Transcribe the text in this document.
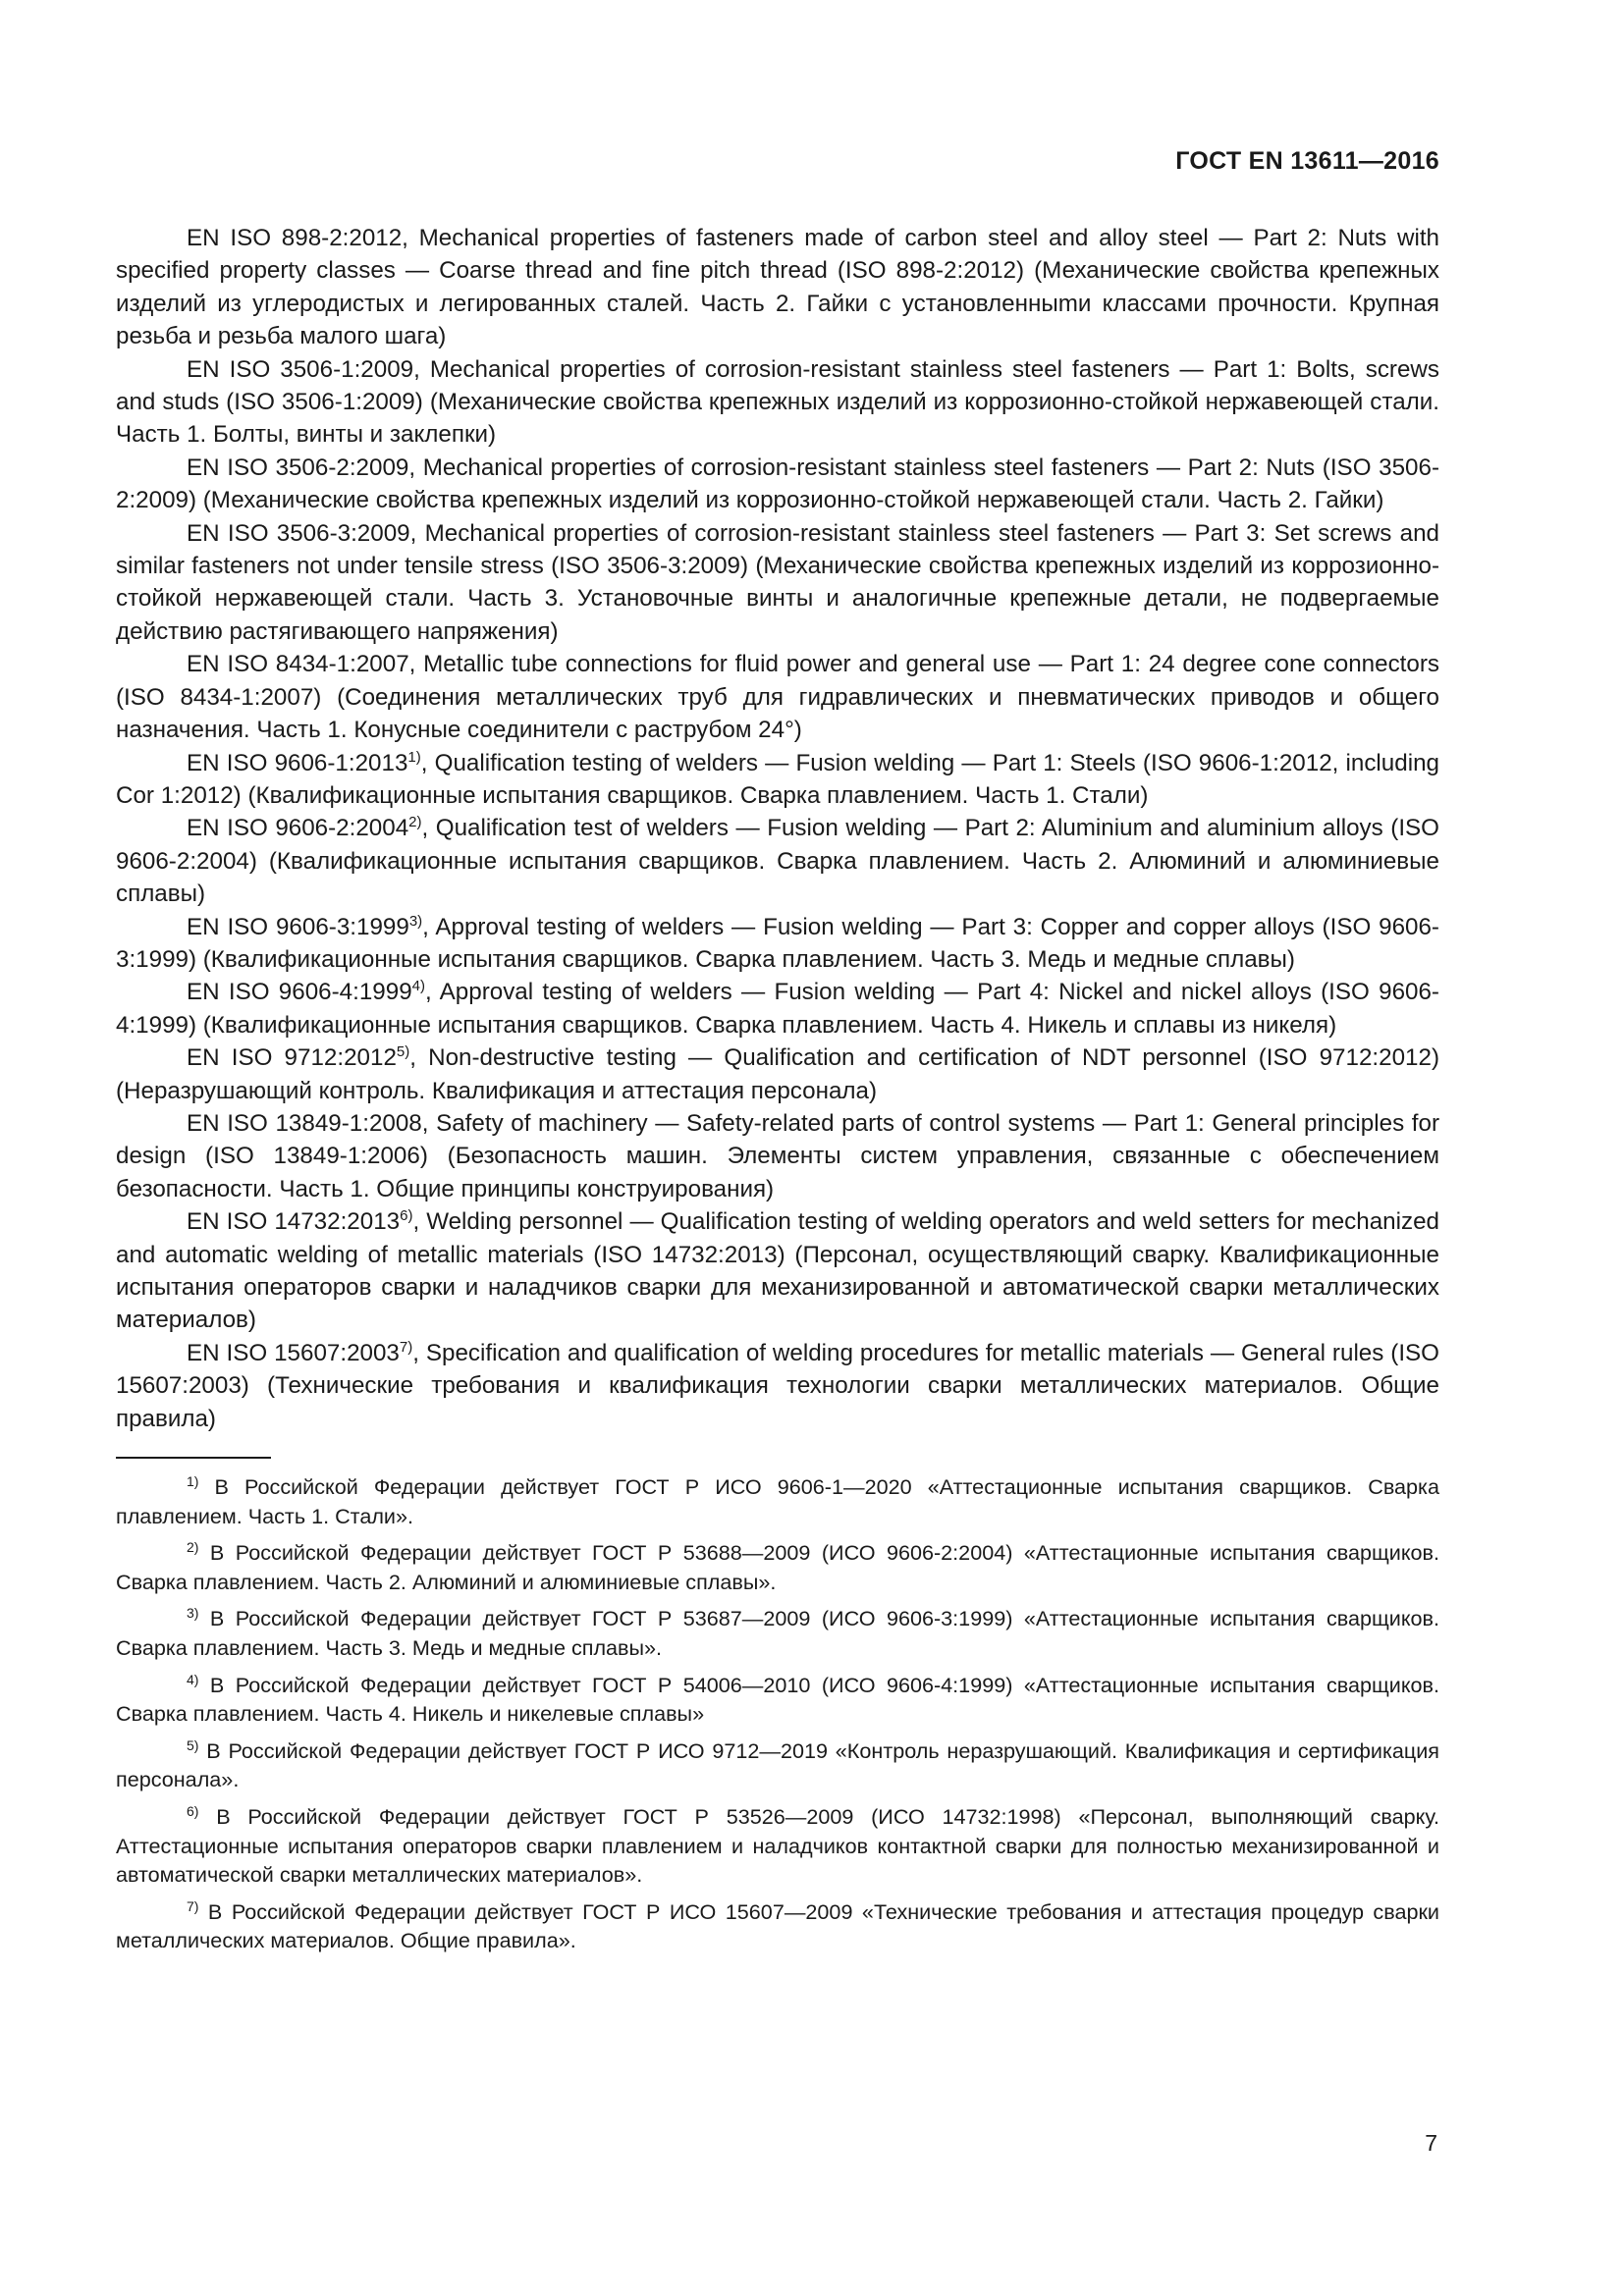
ГОСТ EN 13611—2016

EN ISO 898-2:2012, Mechanical properties of fasteners made of carbon steel and alloy steel — Part 2: Nuts with specified property classes — Coarse thread and fine pitch thread (ISO 898-2:2012) (Механические свойства крепежных изделий из углеродистых и легированных сталей. Часть 2. Гайки с установленныmи классами прочности. Крупная резьба и резьба малого шага)

EN ISO 3506-1:2009, Mechanical properties of corrosion-resistant stainless steel fasteners — Part 1: Bolts, screws and studs (ISO 3506-1:2009) (Механические свойства крепежных изделий из коррозионно-стойкой нержавеющей стали. Часть 1. Болты, винты и заклепки)

EN ISO 3506-2:2009, Mechanical properties of corrosion-resistant stainless steel fasteners — Part 2: Nuts (ISO 3506-2:2009) (Механические свойства крепежных изделий из коррозионно-стойкой нержавеющей стали. Часть 2. Гайки)

EN ISO 3506-3:2009, Mechanical properties of corrosion-resistant stainless steel fasteners — Part 3: Set screws and similar fasteners not under tensile stress (ISO 3506-3:2009) (Механические свойства крепежных изделий из коррозионно-стойкой нержавеющей стали. Часть 3. Установочные винты и аналогичные крепежные детали, не подвергаемые действию растягивающего напряжения)

EN ISO 8434-1:2007, Metallic tube connections for fluid power and general use — Part 1: 24 degree cone connectors (ISO 8434-1:2007) (Соединения металлических труб для гидравлических и пневматических приводов и общего назначения. Часть 1. Конусные соединители с раструбом 24°)

EN ISO 9606-1:2013$^{1)}$, Qualification testing of welders — Fusion welding — Part 1: Steels (ISO 9606-1:2012, including Cor 1:2012) (Квалификационные испытания сварщиков. Сварка плавлением. Часть 1. Стали)

EN ISO 9606-2:2004$^{2)}$, Qualification test of welders — Fusion welding — Part 2: Aluminium and aluminium alloys (ISO 9606-2:2004) (Квалификационные испытания сварщиков. Сварка плавлением. Часть 2. Алюминий и алюминиевые сплавы)

EN ISO 9606-3:1999$^{3)}$, Approval testing of welders — Fusion welding — Part 3: Copper and copper alloys (ISO 9606-3:1999) (Квалификационные испытания сварщиков. Сварка плавлением. Часть 3. Медь и медные сплавы)

EN ISO 9606-4:1999$^{4)}$, Approval testing of welders — Fusion welding — Part 4: Nickel and nickel alloys (ISO 9606-4:1999) (Квалификационные испытания сварщиков. Сварка плавлением. Часть 4. Никель и сплавы из никеля)

EN ISO 9712:2012$^{5)}$, Non-destructive testing — Qualification and certification of NDT personnel (ISO 9712:2012) (Неразрушающий контроль. Квалификация и аттестация персонала)

EN ISO 13849-1:2008, Safety of machinery — Safety-related parts of control systems — Part 1: General principles for design (ISO 13849-1:2006) (Безопасность машин. Элементы систем управления, связанные с обеспечением безопасности. Часть 1. Общие принципы конструирования)

EN ISO 14732:2013$^{6)}$, Welding personnel — Qualification testing of welding operators and weld setters for mechanized and automatic welding of metallic materials (ISO 14732:2013) (Персонал, осуществляющий сварку. Квалификационные испытания операторов сварки и наладчиков сварки для механизированной и автоматической сварки металлических материалов)

EN ISO 15607:2003$^{7)}$, Specification and qualification of welding procedures for metallic materials — General rules (ISO 15607:2003) (Технические требования и квалификация технологии сварки металлических материалов. Общие правила)

$^{1)}$ В Российской Федерации действует ГОСТ Р ИСО 9606-1—2020 «Аттестационные испытания сварщиков. Сварка плавлением. Часть 1. Стали».

$^{2)}$ В Российской Федерации действует ГОСТ Р 53688—2009 (ИСО 9606-2:2004) «Аттестационные испытания сварщиков. Сварка плавлением. Часть 2. Алюминий и алюминиевые сплавы».

$^{3)}$ В Российской Федерации действует ГОСТ Р 53687—2009 (ИСО 9606-3:1999) «Аттестационные испытания сварщиков. Сварка плавлением. Часть 3. Медь и медные сплавы».

$^{4)}$ В Российской Федерации действует ГОСТ Р 54006—2010 (ИСО 9606-4:1999) «Аттестационные испытания сварщиков. Сварка плавлением. Часть 4. Никель и никелевые сплавы»

$^{5)}$ В Российской Федерации действует ГОСТ Р ИСО 9712—2019 «Контроль неразрушающий. Квалификация и сертификация персонала».

$^{6)}$ В Российской Федерации действует ГОСТ Р 53526—2009 (ИСО 14732:1998) «Персонал, выполняющий сварку. Аттестационные испытания операторов сварки плавлением и наладчиков контактной сварки для полностью механизированной и автоматической сварки металлических материалов».

$^{7)}$ В Российской Федерации действует ГОСТ Р ИСО 15607—2009 «Технические требования и аттестация процедур сварки металлических материалов. Общие правила».

7
